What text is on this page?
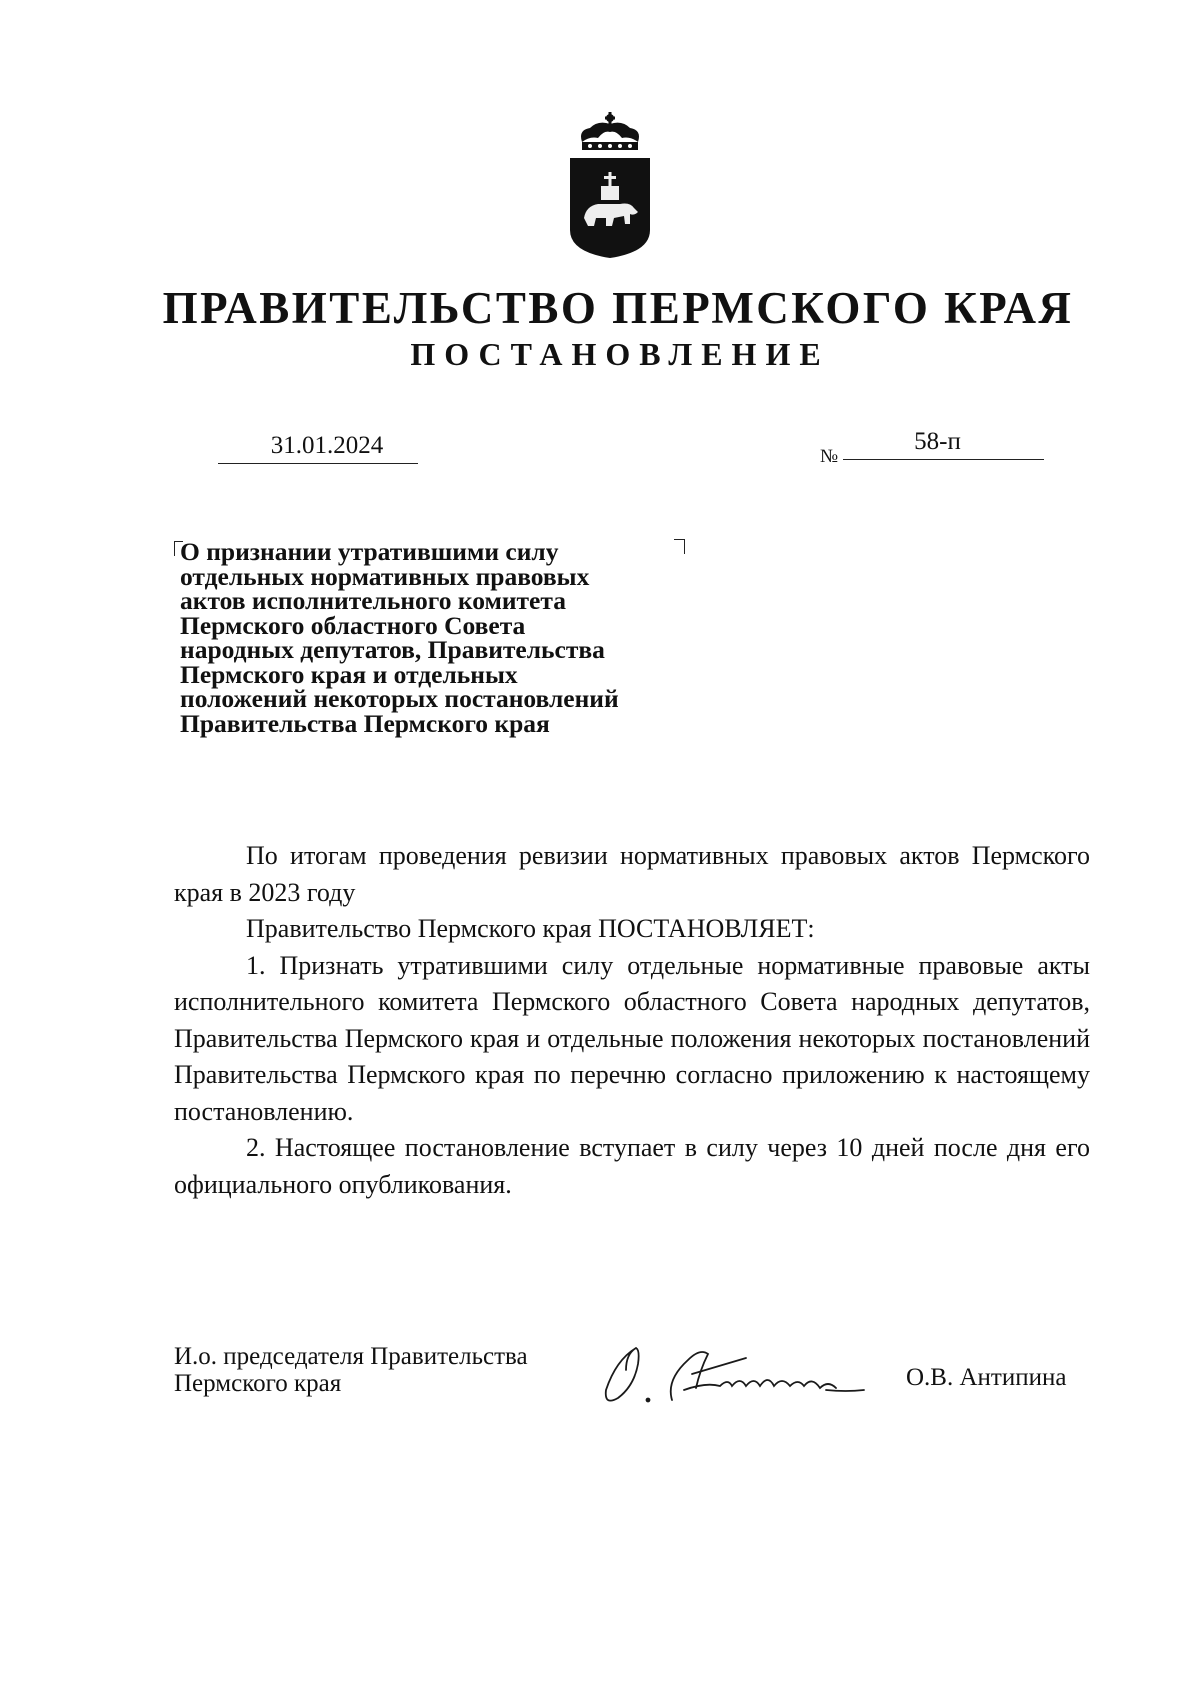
ПРАВИТЕЛЬСТВО ПЕРМСКОГО КРАЯ
ПОСТАНОВЛЕНИЕ
31.01.2024	№
58-п
О признании утратившими силу
отдельных нормативных правовых
актов исполнительного комитета
Пермского областного Совета
народных депутатов, Правительства
Пермского края и отдельных
положений некоторых постановлений
Правительства Пермского края

По итогам проведения ревизии нормативных правовых актов Пермского края в 2023 году

Правительство Пермского края ПОСТАНОВЛЯЕТ:

1. Признать утратившими силу отдельные нормативные правовые акты исполнительного комитета Пермского областного Совета народных депутатов, Правительства Пермского края и отдельные положения некоторых постановлений Правительства Пермского края по перечню согласно приложению к настоящему постановлению.

2. Настоящее постановление вступает в силу через 10 дней после дня его официального опубликования.

И.о. председателя Правительства
Пермского края	О.В. Антипина
